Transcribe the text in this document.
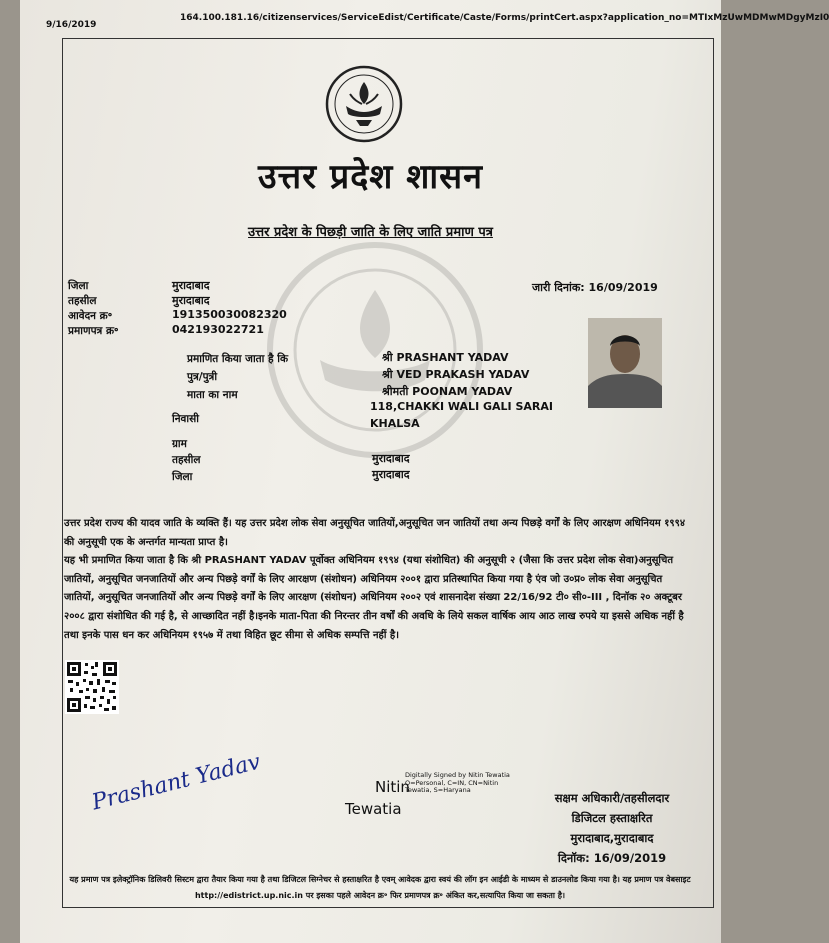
9/16/2019
164.100.181.16/citizenservices/ServiceEdist/Certificate/Caste/Forms/printCert.aspx?application_no=MTIxMzUwMDMwMDgyMzI0
उत्तर प्रदेश शासन
उत्तर प्रदेश के पिछड़ी जाति के लिए जाति प्रमाण पत्र
जिला	मुरादाबाद
तहसील	मुरादाबाद
आवेदन क्र॰	191350030082320
प्रमाणपत्र क्र॰	042193022721
जारी दिनांक: 16/09/2019
प्रमाणित किया जाता है कि	श्री PRASHANT YADAV
पुत्र/पुत्री	श्री VED PRAKASH YADAV
माता का नाम	श्रीमती POONAM YADAV
निवासी
118,CHAKKI WALI GALI SARAI
KHALSA
ग्राम
तहसील	मुरादाबाद
जिला	मुरादाबाद

उत्तर प्रदेश राज्य की यादव जाति के व्यक्ति हैं। यह उत्तर प्रदेश लोक सेवा अनुसूचित जातियों,अनुसूचित जन जातियों तथा अन्य पिछड़े वर्गों के लिए आरक्षण अधिनियम १९९४ की अनुसूची एक के अन्तर्गत मान्यता प्राप्त है।

यह भी प्रमाणित किया जाता है कि श्री PRASHANT YADAV पूर्वोक्त अधिनियम १९९४ (यथा संशोधित) की अनुसूची २ (जैसा कि उत्तर प्रदेश लोक सेवा)अनुसूचित जातियों, अनुसूचित जनजातियों और अन्य पिछड़े वर्गों के लिए आरक्षण (संशोधन) अधिनियम २००१ द्वारा प्रतिस्थापित किया गया है एंव जो उ०प्र० लोक सेवा अनुसूचित जातियों, अनुसूचित जनजातियों और अन्य पिछड़े वर्गों के लिए आरक्षण (संशोधन) अधिनियम २००२ एवं शासनादेश संख्या 22/16/92 टी० सी०-III , दिनॉक २० अक्टूबर २००८ द्वारा संशोधित की गई है, से आच्छादित नहीं है।इनके माता-पिता की निरन्तर तीन वर्षों की अवधि के लिये सकल वार्षिक आय आठ लाख रुपये या इससे अधिक नहीं है तथा इनके पास धन कर अधिनियम १९५७ में तथा विहित छूट सीमा से अधिक सम्पत्ति नहीं है।

Prashant Yadav	Nitin
Tewatia
Digitally Signed by Nitin Tewatia O=Personal, C=IN, CN=Nitin Tewatia, S=Haryana
सक्षम अधिकारी/तहसीलदार
डिजिटल हस्ताक्षरित
मुरादाबाद,मुरादाबाद
दिनॉक: 16/09/2019
यह प्रमाण पत्र इलेक्ट्रॉनिक डिलिवरी सिस्टम द्वारा तैयार किया गया है तथा डिजिटल सिग्नेचर से हस्ताक्षरित है एवम् आवेदक द्वारा स्वयं की लॉग इन आईडी के माध्यम से डाउनलोड किया गया है। यह प्रमाण पत्र वेबसाइट http://edistrict.up.nic.in पर इसका पहले आवेदन क्र॰ फिर प्रमाणपत्र क्र॰ अंकित कर,सत्यापित किया जा सकता है।
